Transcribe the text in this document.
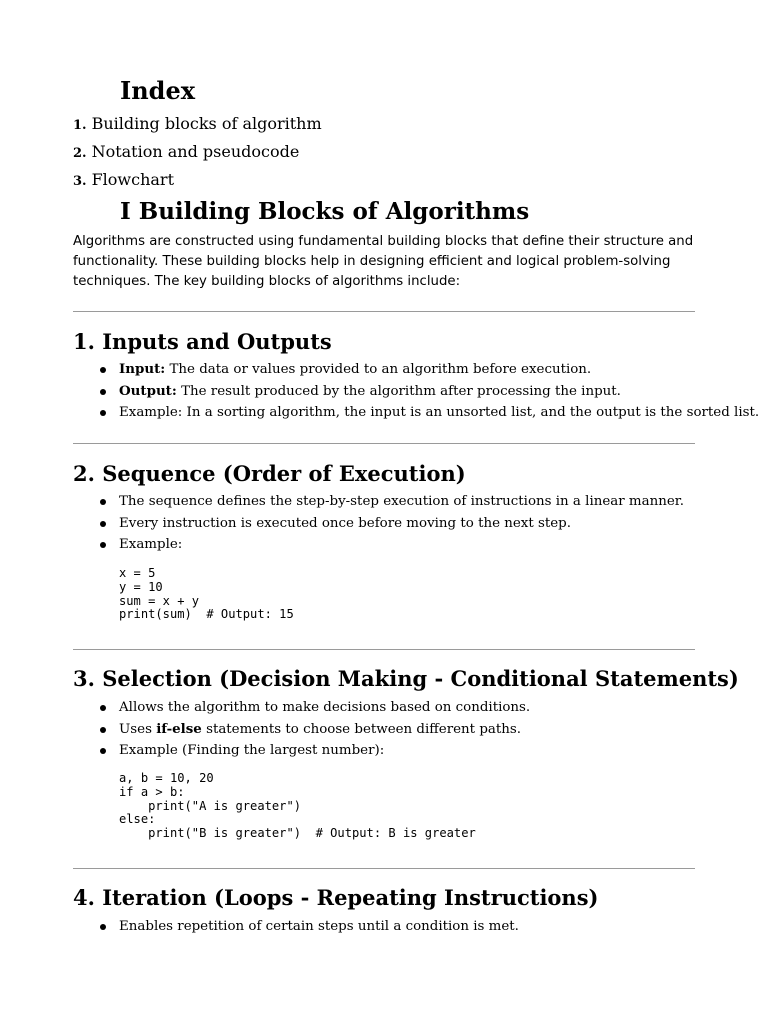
Index
1. Building blocks of algorithm
2. Notation and pseudocode
3. Flowchart
I Building Blocks of Algorithms
Algorithms are constructed using fundamental building blocks that define their structure and functionality. These building blocks help in designing efficient and logical problem-solving techniques. The key building blocks of algorithms include:
1. Inputs and Outputs
Input: The data or values provided to an algorithm before execution.
Output: The result produced by the algorithm after processing the input.
Example: In a sorting algorithm, the input is an unsorted list, and the output is the sorted list.
2. Sequence (Order of Execution)
The sequence defines the step-by-step execution of instructions in a linear manner.
Every instruction is executed once before moving to the next step.
Example:
x = 5
y = 10
sum = x + y
print(sum)  # Output: 15
3. Selection (Decision Making - Conditional Statements)
Allows the algorithm to make decisions based on conditions.
Uses if-else statements to choose between different paths.
Example (Finding the largest number):
a, b = 10, 20
if a > b:
print("A is greater")
else:
print("B is greater")  # Output: B is greater
4. Iteration (Loops - Repeating Instructions)
Enables repetition of certain steps until a condition is met.
